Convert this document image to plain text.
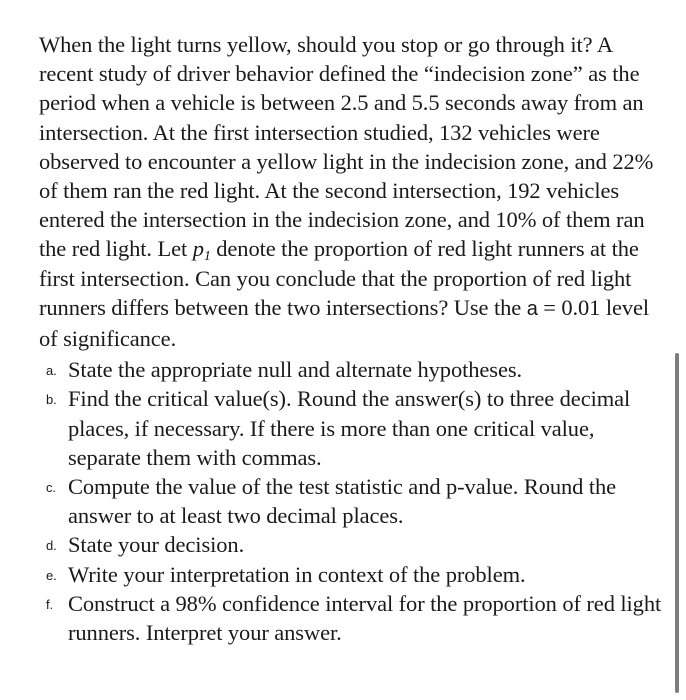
When the light turns yellow, should you stop or go through it? A recent study of driver behavior defined the “indecision zone” as the period when a vehicle is between 2.5 and 5.5 seconds away from an intersection. At the first intersection studied, 132 vehicles were observed to encounter a yellow light in the indecision zone, and 22% of them ran the red light. At the second intersection, 192 vehicles entered the intersection in the indecision zone, and 10% of them ran the red light. Let $p_1$ denote the proportion of red light runners at the first intersection. Can you conclude that the proportion of red light runners differs between the two intersections? Use the a = 0.01 level of significance.

a. State the appropriate null and alternate hypotheses.
b. Find the critical value(s). Round the answer(s) to three decimal places, if necessary. If there is more than one critical value, separate them with commas.
c. Compute the value of the test statistic and p-value. Round the answer to at least two decimal places.
d. State your decision.
e. Write your interpretation in context of the problem.
f. Construct a 98% confidence interval for the proportion of red light runners. Interpret your answer.
